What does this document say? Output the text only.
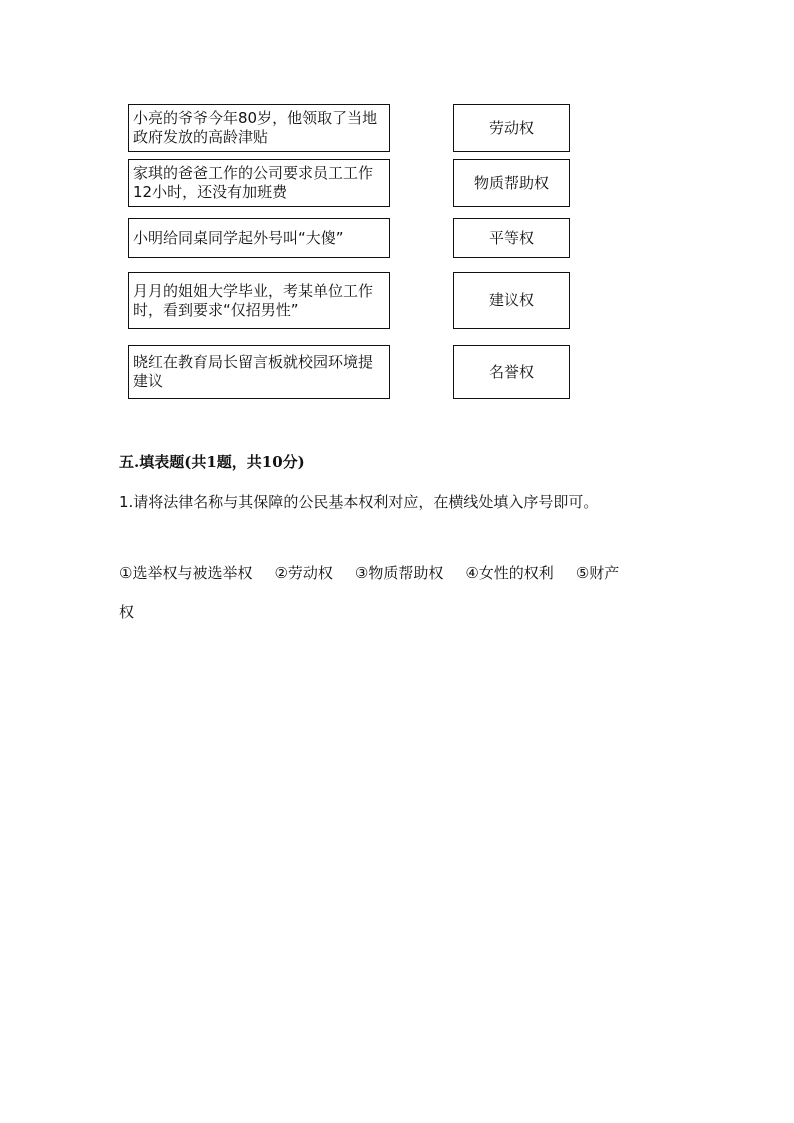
小亮的爷爷今年80岁，他领取了当地政府发放的高龄津贴
家琪的爸爸工作的公司要求员工工作12小时，还没有加班费
小明给同桌同学起外号叫“大傻”
月月的姐姐大学毕业，考某单位工作时，看到要求“仅招男性”
晓红在教育局长留言板就校园环境提建议
劳动权
物质帮助权
平等权
建议权
名誉权
五.填表题(共1题，共10分)
1.请将法律名称与其保障的公民基本权利对应，在横线处填入序号即可。
①选举权与被选举权 ②劳动权 ③物质帮助权 ④女性的权利 ⑤财产
权
